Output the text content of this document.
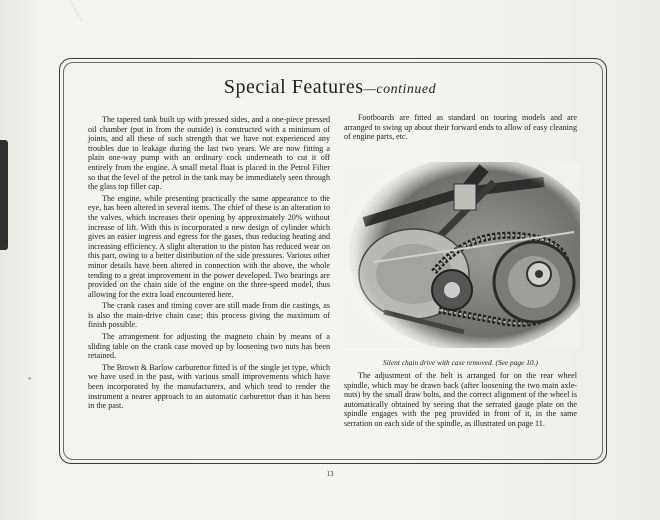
Special Features—continued

The tapered tank built up with pressed sides, and a one-piece pressed oil chamber (put in from the outside) is constructed with a minimum of joints, and all these of such strength that we have not experienced any troubles due to leakage during the last two years. We are now fitting a plain one-way pump with an ordinary cock underneath to cut it off entirely from the engine. A small metal float is placed in the Petrol Filter so that the level of the petrol in the tank may be immediately seen through the glass top filler cap.

The engine, while presenting practically the same appearance to the eye, has been altered in several items. The chief of these is an alteration to the valves, which increases their opening by approximately 20% without increase of lift. With this is incorporated a new design of cylinder which gives an easier ingress and egress for the gases, thus reducing heating and increasing efficiency. A slight alteration to the piston has reduced wear on this part, owing to a better distribution of the side pressures. Various other minor details have been altered in connection with the above, the whole tending to a great improvement in the power developed. Two bearings are provided on the chain side of the engine on the three-speed model, thus allowing for the extra load encountered here.

The crank cases and timing cover are still made from die castings, as is also the main-drive chain case; this process giving the maximum of finish possible.

The arrangement for adjusting the magneto chain by means of a sliding table on the crank case moved up by loosening two nuts has been retained.

The Brown & Barlow carburettor fitted is of the single jet type, which we have used in the past, with various small improvements which have been incorporated by the manufacturers, and which tend to render the instrument a nearer approach to an automatic carburettor than it has been in the past.

Footboards are fitted as standard on touring models and are arranged to swing up about their forward ends to allow of easy cleaning of engine parts, etc.

Silent chain drive with case removed. (See page 10.)

The adjustment of the belt is arranged for on the rear wheel spindle, which may be drawn back (after loosening the two main axle-nuts) by the small draw bolts, and the correct alignment of the wheel is automatically obtained by seeing that the serrated gauge plate on the spindle engages with the peg provided in front of it, in the same serration on each side of the spindle, as illustrated on page 11.

*
13
